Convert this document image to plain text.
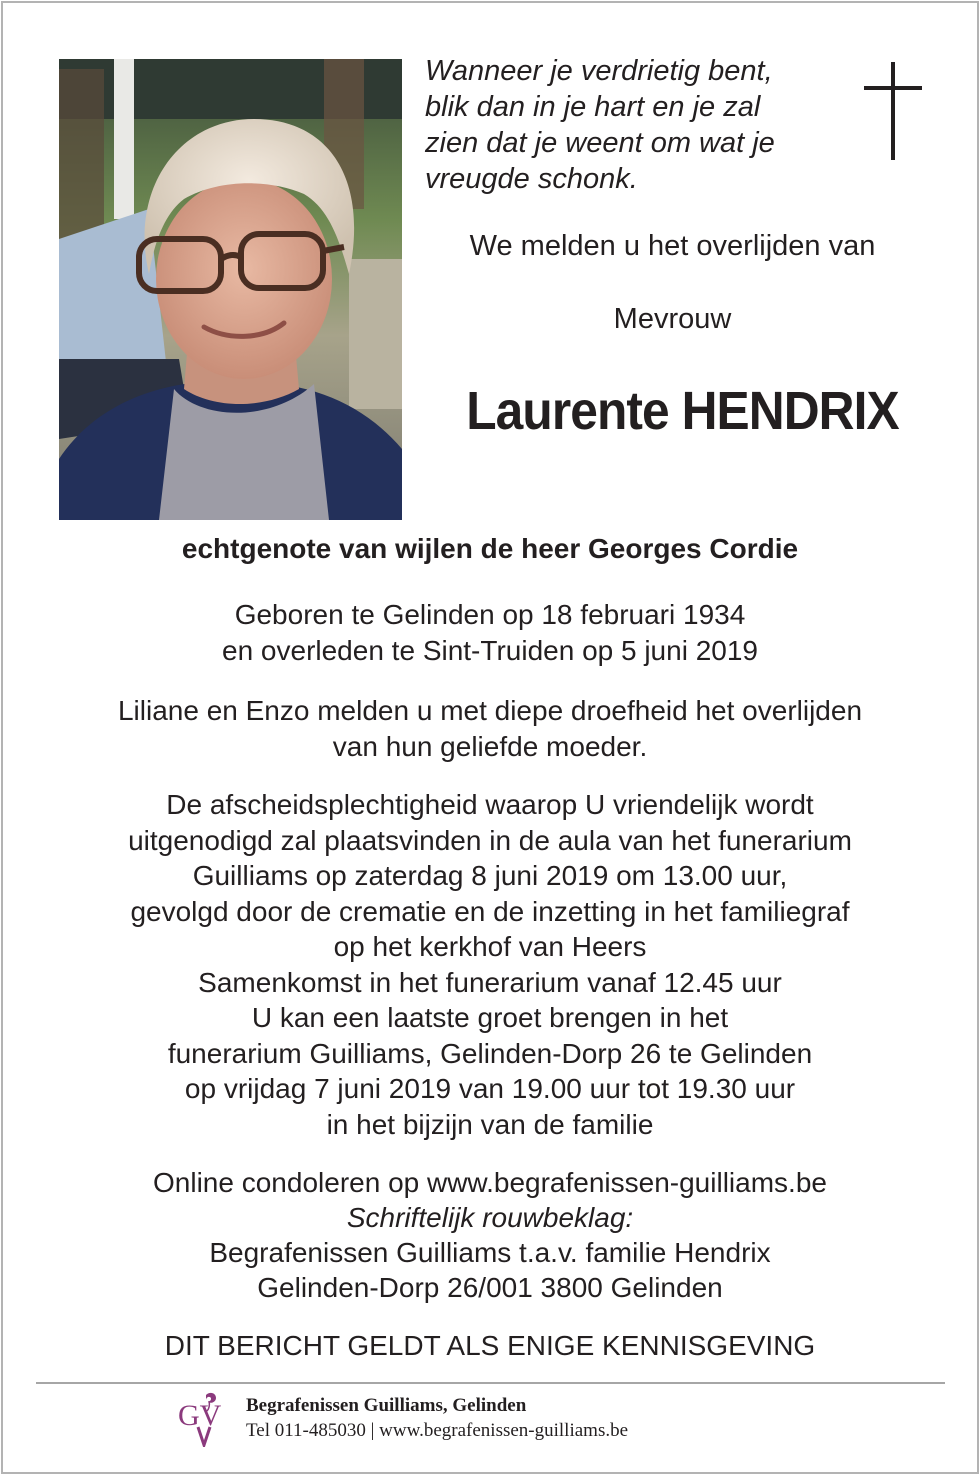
Wanneer je verdrietig bent,
blik dan in je hart en je zal
zien dat je weent om wat je
vreugde schonk.
We melden u het overlijden van
Mevrouw
Laurente HENDRIX
echtgenote van wijlen de heer Georges Cordie
Geboren te Gelinden op 18 februari 1934
en overleden te Sint-Truiden op 5 juni 2019
Liliane en Enzo melden u met diepe droefheid het overlijden
van hun geliefde moeder.
De afscheidsplechtigheid waarop U vriendelijk wordt
uitgenodigd zal plaatsvinden in de aula van het funerarium
Guilliams op zaterdag 8 juni 2019 om 13.00 uur,
gevolgd door de crematie en de inzetting in het familiegraf
op het kerkhof van Heers
Samenkomst in het funerarium vanaf 12.45 uur
U kan een laatste groet brengen in het
funerarium Guilliams, Gelinden-Dorp 26 te Gelinden
op vrijdag 7 juni 2019 van 19.00 uur tot 19.30 uur
in het bijzijn van de familie
Online condoleren op www.begrafenissen-guilliams.be
Schriftelijk rouwbeklag:
Begrafenissen Guilliams t.a.v. familie Hendrix
Gelinden-Dorp 26/001 3800 Gelinden
DIT BERICHT GELDT ALS ENIGE KENNISGEVING
GV Begrafenissen Guilliams, Gelinden
Tel 011-485030 | www.begrafenissen-guilliams.be
